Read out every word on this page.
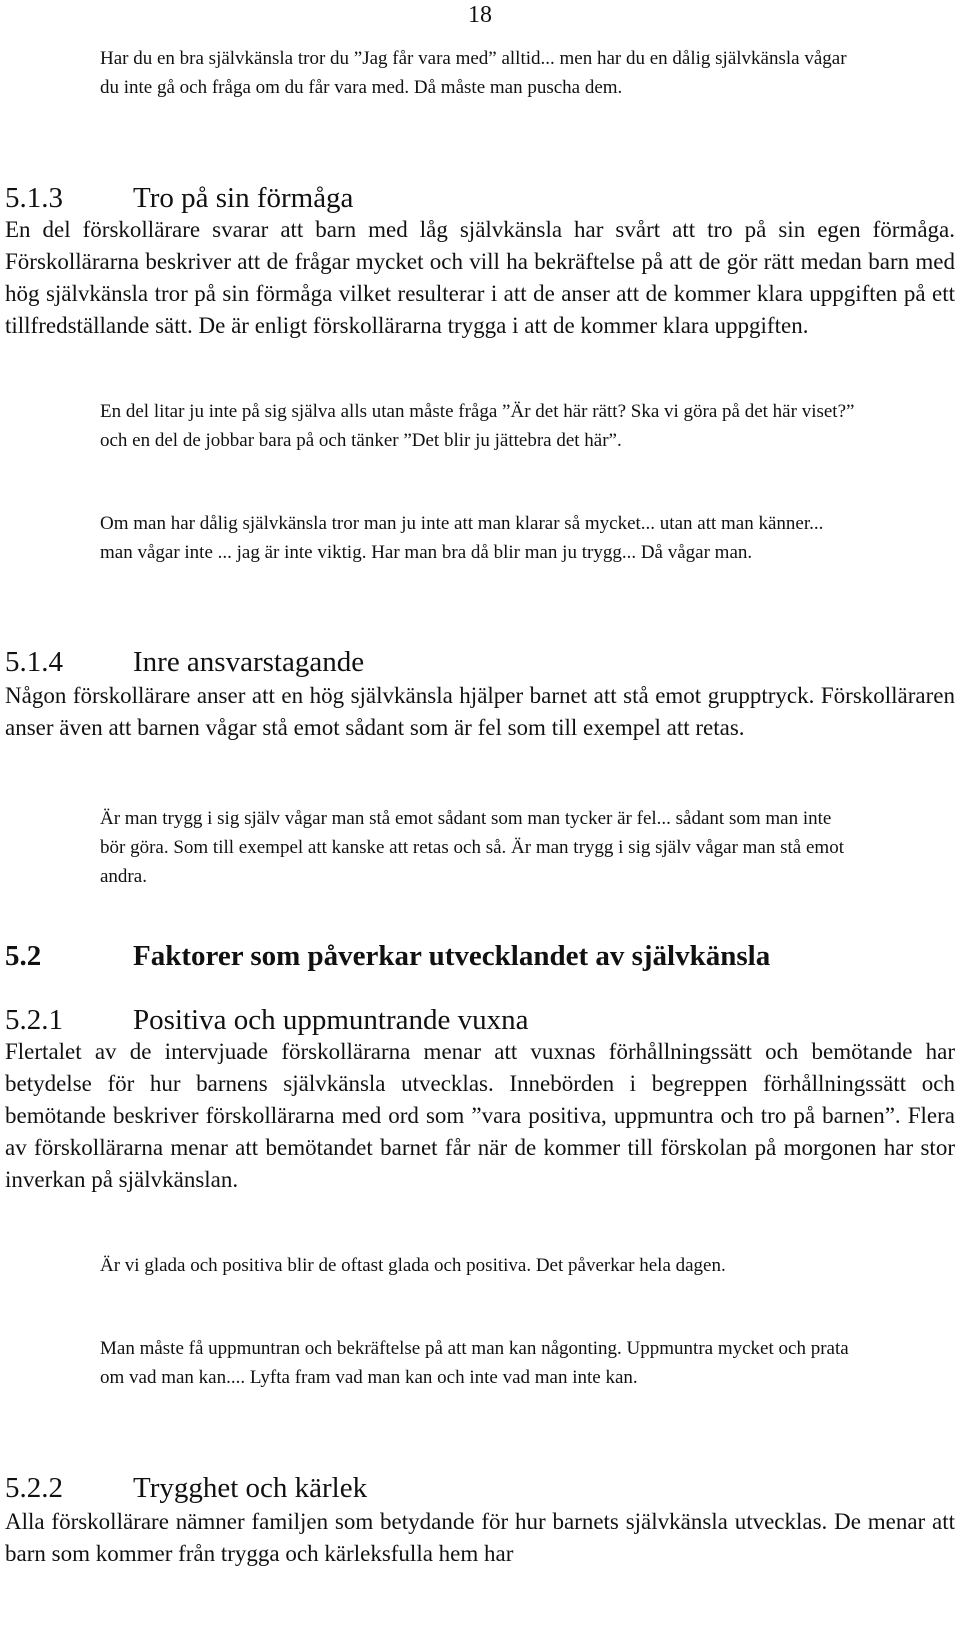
18

Har du en bra självkänsla tror du ”Jag får vara med” alltid... men har du en dålig självkänsla vågar du inte gå och fråga om du får vara med. Då måste man puscha dem.

5.1.3 Tro på sin förmåga

En del förskollärare svarar att barn med låg självkänsla har svårt att tro på sin egen förmåga. Förskollärarna beskriver att de frågar mycket och vill ha bekräftelse på att de gör rätt medan barn med hög självkänsla tror på sin förmåga vilket resulterar i att de anser att de kommer klara uppgiften på ett tillfredställande sätt. De är enligt förskollärarna trygga i att de kommer klara uppgiften.

En del litar ju inte på sig själva alls utan måste fråga ”Är det här rätt? Ska vi göra på det här viset?” och en del de jobbar bara på och tänker ”Det blir ju jättebra det här”.

Om man har dålig självkänsla tror man ju inte att man klarar så mycket... utan att man känner... man vågar inte ... jag är inte viktig. Har man bra då blir man ju trygg... Då vågar man.

5.1.4 Inre ansvarstagande

Någon förskollärare anser att en hög självkänsla hjälper barnet att stå emot grupptryck. Förskolläraren anser även att barnen vågar stå emot sådant som är fel som till exempel att retas.

Är man trygg i sig själv vågar man stå emot sådant som man tycker är fel... sådant som man inte bör göra. Som till exempel att kanske att retas och så. Är man trygg i sig själv vågar man stå emot andra.

5.2	Faktorer som påverkar utvecklandet av självkänsla
5.2.1 Positiva och uppmuntrande vuxna

Flertalet av de intervjuade förskollärarna menar att vuxnas förhållningssätt och bemötande har betydelse för hur barnens självkänsla utvecklas. Innebörden i begreppen förhållningssätt och bemötande beskriver förskollärarna med ord som ”vara positiva, uppmuntra och tro på barnen”. Flera av förskollärarna menar att bemötandet barnet får när de kommer till förskolan på morgonen har stor inverkan på självkänslan.

Är vi glada och positiva blir de oftast glada och positiva. Det påverkar hela dagen.

Man måste få uppmuntran och bekräftelse på att man kan någonting. Uppmuntra mycket och prata om vad man kan.... Lyfta fram vad man kan och inte vad man inte kan.

5.2.2 Trygghet och kärlek

Alla förskollärare nämner familjen som betydande för hur barnets självkänsla utvecklas. De menar att barn som kommer från trygga och kärleksfulla hem har
